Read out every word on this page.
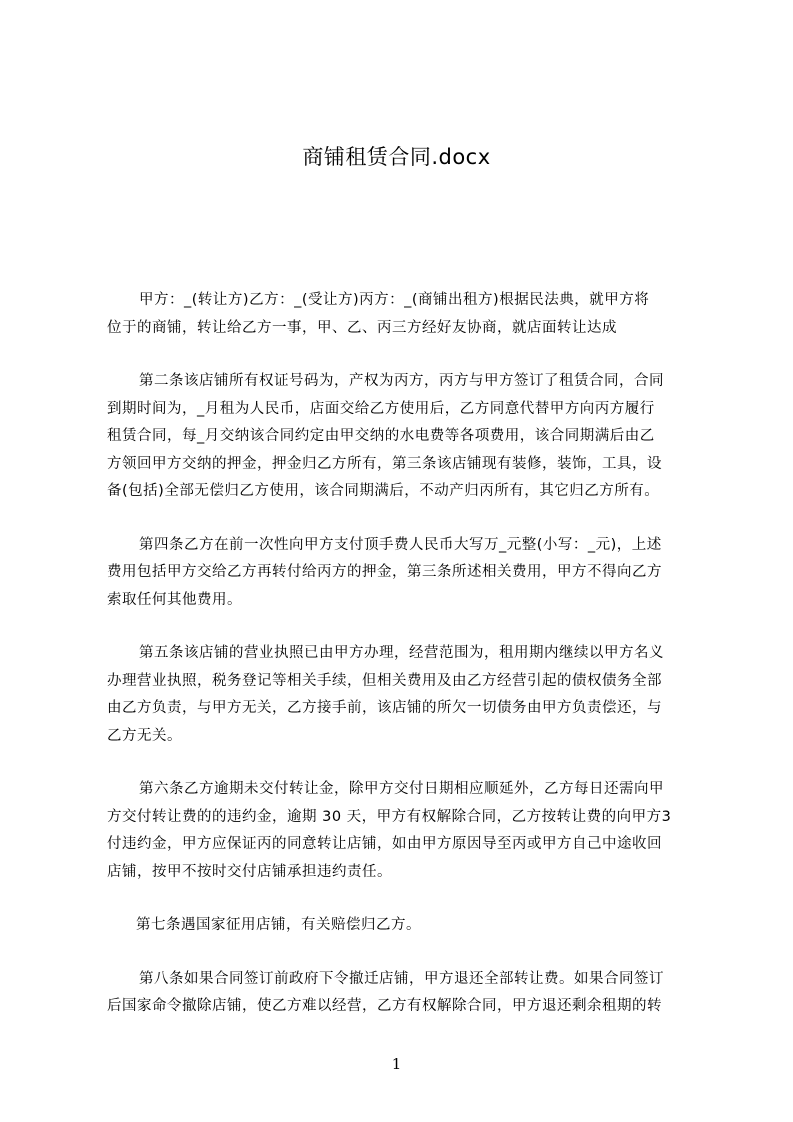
商铺租赁合同.docx

甲方：_(转让方)乙方：_(受让方)丙方：_(商铺出租方)根据民法典，就甲方将
位于的商铺，转让给乙方一事，甲、乙、丙三方经好友协商，就店面转让达成

第二条该店铺所有权证号码为，产权为丙方，丙方与甲方签订了租赁合同，合同
到期时间为，_月租为人民币，店面交给乙方使用后，乙方同意代替甲方向丙方履行
租赁合同，每_月交纳该合同约定由甲交纳的水电费等各项费用，该合同期满后由乙
方领回甲方交纳的押金，押金归乙方所有，第三条该店铺现有装修，装饰，工具，设
备(包括)全部无偿归乙方使用，该合同期满后，不动产归丙所有，其它归乙方所有。

第四条乙方在前一次性向甲方支付顶手费人民币大写万_元整(小写：_元)，上述
费用包括甲方交给乙方再转付给丙方的押金，第三条所述相关费用，甲方不得向乙方
索取任何其他费用。

第五条该店铺的营业执照已由甲方办理，经营范围为，租用期内继续以甲方名义
办理营业执照，税务登记等相关手续，但相关费用及由乙方经营引起的债权债务全部
由乙方负责，与甲方无关，乙方接手前，该店铺的所欠一切债务由甲方负责偿还，与
乙方无关。

第六条乙方逾期未交付转让金，除甲方交付日期相应顺延外，乙方每日还需向甲
方交付转让费的的违约金，逾期 30 天，甲方有权解除合同，乙方按转让费的向甲方3
付违约金，甲方应保证丙的同意转让店铺，如由甲方原因导至丙或甲方自己中途收回
店铺，按甲不按时交付店铺承担违约责任。

第七条遇国家征用店铺，有关赔偿归乙方。

第八条如果合同签订前政府下令撤迁店铺，甲方退还全部转让费。如果合同签订
后国家命令撤除店铺，使乙方难以经营，乙方有权解除合同，甲方退还剩余租期的转

1
